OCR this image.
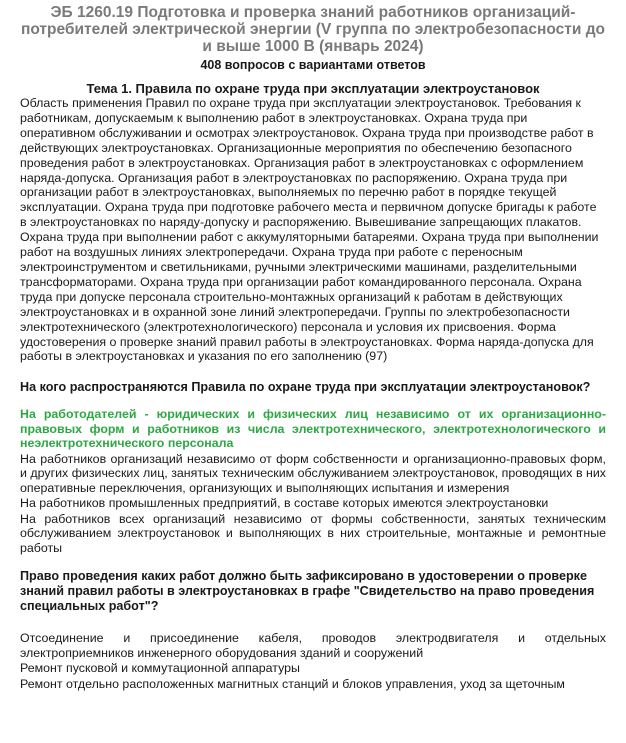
ЭБ 1260.19 Подготовка и проверка знаний работников организаций-потребителей электрической энергии (V группа по электробезопасности до и выше 1000 В (январь 2024)
408 вопросов с вариантами ответов
Тема 1. Правила по охране труда при эксплуатации электроустановок

Область применения Правил по охране труда при эксплуатации электроустановок. Требования к работникам, допускаемым к выполнению работ в электроустановках. Охрана труда при оперативном обслуживании и осмотрах электроустановок. Охрана труда при производстве работ в действующих электроустановках. Организационные мероприятия по обеспечению безопасного проведения работ в электроустановках. Организация работ в электроустановках с оформлением наряда-допуска. Организация работ в электроустановках по распоряжению. Охрана труда при организации работ в электроустановках, выполняемых по перечню работ в порядке текущей эксплуатации. Охрана труда при подготовке рабочего места и первичном допуске бригады к работе в электроустановках по наряду-допуску и распоряжению. Вывешивание запрещающих плакатов. Охрана труда при выполнении работ с аккумуляторными батареями. Охрана труда при выполнении работ на воздушных линиях электропередачи. Охрана труда при работе с переносным электроинструментом и светильниками, ручными электрическими машинами, разделительными трансформаторами. Охрана труда при организации работ командированного персонала. Охрана труда при допуске персонала строительно-монтажных организаций к работам в действующих электроустановках и в охранной зоне линий электропередачи. Группы по электробезопасности электротехнического (электротехнологического) персонала и условия их присвоения. Форма удостоверения о проверке знаний правил работы в электроустановках. Форма наряда-допуска для работы в электроустановках и указания по его заполнению (97)

На кого распространяются Правила по охране труда при эксплуатации электроустановок?

На работодателей - юридических и физических лиц независимо от их организационно-правовых форм и работников из числа электротехнического, электротехнологического и неэлектротехнического персонала

На работников организаций независимо от форм собственности и организационно-правовых форм, и других физических лиц, занятых техническим обслуживанием электроустановок, проводящих в них оперативные переключения, организующих и выполняющих испытания и измерения

На работников промышленных предприятий, в составе которых имеются электроустановки

На работников всех организаций независимо от формы собственности, занятых техническим обслуживанием электроустановок и выполняющих в них строительные, монтажные и ремонтные работы

Право проведения каких работ должно быть зафиксировано в удостоверении о проверке знаний правил работы в электроустановках в графе "Свидетельство на право проведения специальных работ"?

Отсоединение и присоединение кабеля, проводов электродвигателя и отдельных электроприемников инженерного оборудования зданий и сооружений

Ремонт пусковой и коммутационной аппаратуры

Ремонт отдельно расположенных магнитных станций и блоков управления, уход за щеточным
